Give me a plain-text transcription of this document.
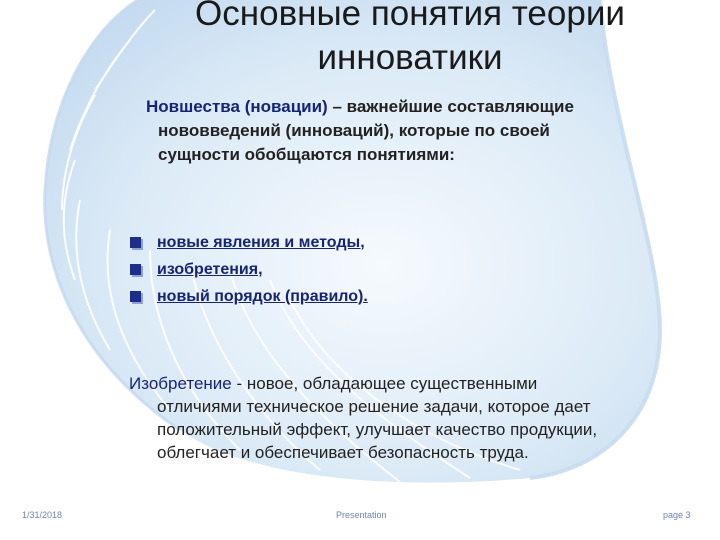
Основные понятия теории
инноватики
Новшества (новации) – важнейшие составляющие
нововведений (инноваций), которые по своей
сущности обобщаются понятиями:
новые явления и методы,
изобретения,
новый порядок (правило).
Изобретение - новое, обладающее существенными
отличиями техническое решение задачи, которое дает
положительный эффект, улучшает качество продукции,
облегчает и обеспечивает безопасность труда.
1/31/2018	Presentation	page 3
